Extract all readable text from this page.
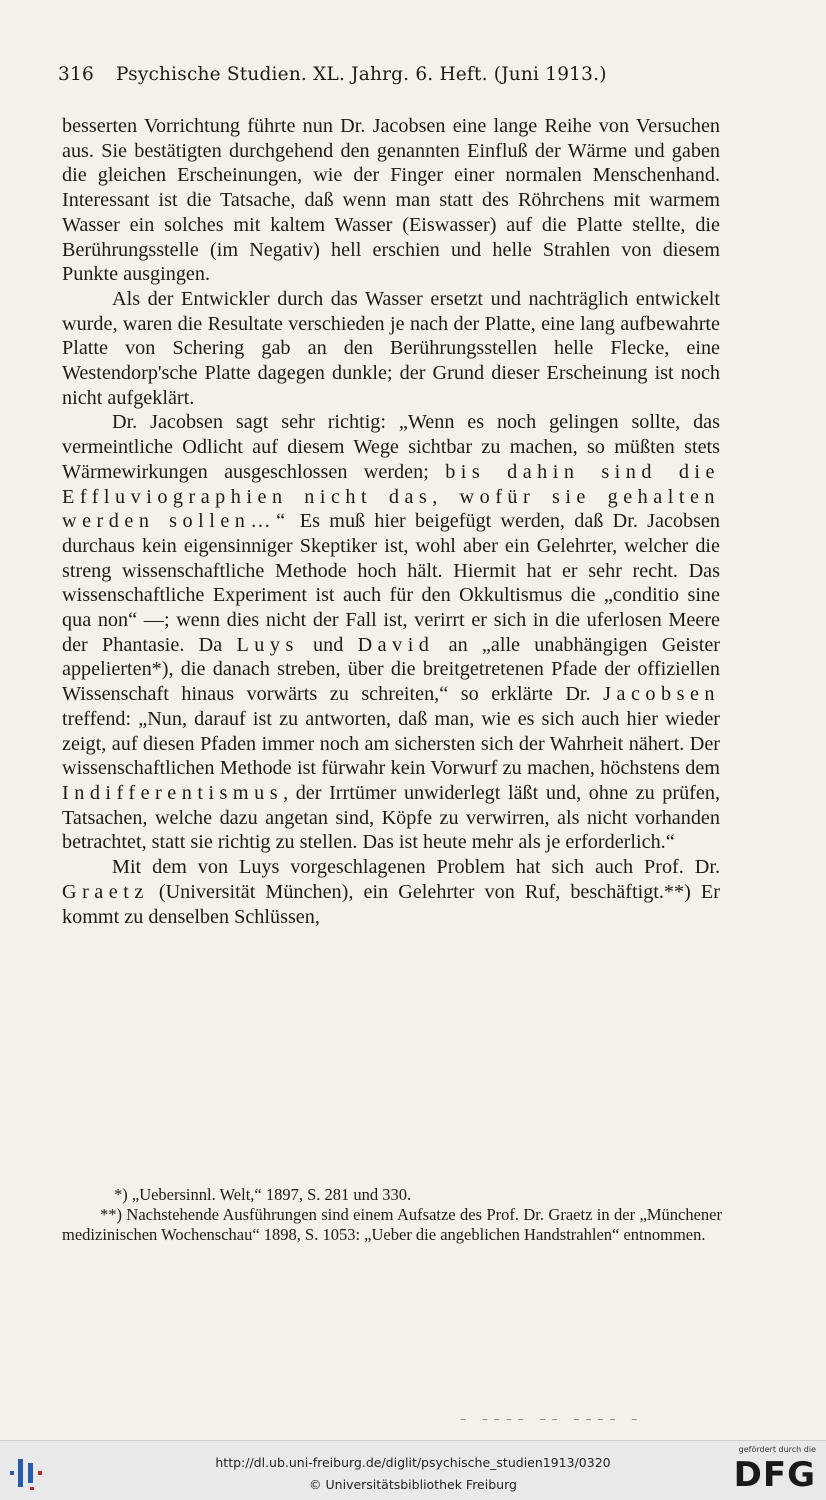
316 Psychische Studien. XL. Jahrg. 6. Heft. (Juni 1913.)

besserten Vorrichtung führte nun Dr. Jacobsen eine lange Reihe von Versuchen aus. Sie bestätigten durchgehend den genannten Einfluß der Wärme und gaben die gleichen Erscheinungen, wie der Finger einer normalen Menschenhand. Interessant ist die Tatsache, daß wenn man statt des Röhrchens mit warmem Wasser ein solches mit kaltem Wasser (Eiswasser) auf die Platte stellte, die Berührungsstelle (im Negativ) hell erschien und helle Strahlen von diesem Punkte ausgingen.

Als der Entwickler durch das Wasser ersetzt und nachträglich entwickelt wurde, waren die Resultate verschieden je nach der Platte, eine lang aufbewahrte Platte von Schering gab an den Berührungsstellen helle Flecke, eine Westendorp'sche Platte dagegen dunkle; der Grund dieser Erscheinung ist noch nicht aufgeklärt.

Dr. Jacobsen sagt sehr richtig: „Wenn es noch gelingen sollte, das vermeintliche Odlicht auf diesem Wege sichtbar zu machen, so müßten stets Wärmewirkungen ausgeschlossen werden; bis dahin sind die Effluviographien nicht das, wofür sie gehalten werden sollen…“ Es muß hier beigefügt werden, daß Dr. Jacobsen durchaus kein eigensinniger Skeptiker ist, wohl aber ein Gelehrter, welcher die streng wissenschaftliche Methode hoch hält. Hiermit hat er sehr recht. Das wissenschaftliche Experiment ist auch für den Okkultismus die „conditio sine qua non“ —; wenn dies nicht der Fall ist, verirrt er sich in die uferlosen Meere der Phantasie. Da Luys und David an „alle unabhängigen Geister appelierten*), die danach streben, über die breitgetretenen Pfade der offiziellen Wissenschaft hinaus vorwärts zu schreiten,“ so erklärte Dr. Jacobsen treffend: „Nun, darauf ist zu antworten, daß man, wie es sich auch hier wieder zeigt, auf diesen Pfaden immer noch am sichersten sich der Wahrheit nähert. Der wissenschaftlichen Methode ist fürwahr kein Vorwurf zu machen, höchstens dem Indifferentismus, der Irrtümer unwiderlegt läßt und, ohne zu prüfen, Tatsachen, welche dazu angetan sind, Köpfe zu verwirren, als nicht vorhanden betrachtet, statt sie richtig zu stellen. Das ist heute mehr als je erforderlich.“

Mit dem von Luys vorgeschlagenen Problem hat sich auch Prof. Dr. Graetz (Universität München), ein Gelehrter von Ruf, beschäftigt.**) Er kommt zu denselben Schlüssen,

*) „Uebersinnl. Welt,“ 1897, S. 281 und 330.

**) Nachstehende Ausführungen sind einem Aufsatze des Prof. Dr. Graetz in der „Münchener medizinischen Wochenschau“ 1898, S. 1053: „Ueber die angeblichen Handstrahlen“ entnommen.

– –––– –– –––– –
http://dl.ub.uni-freiburg.de/diglit/psychische_studien1913/0320
© Universitätsbibliothek Freiburg
gefördert durch die
DFG
